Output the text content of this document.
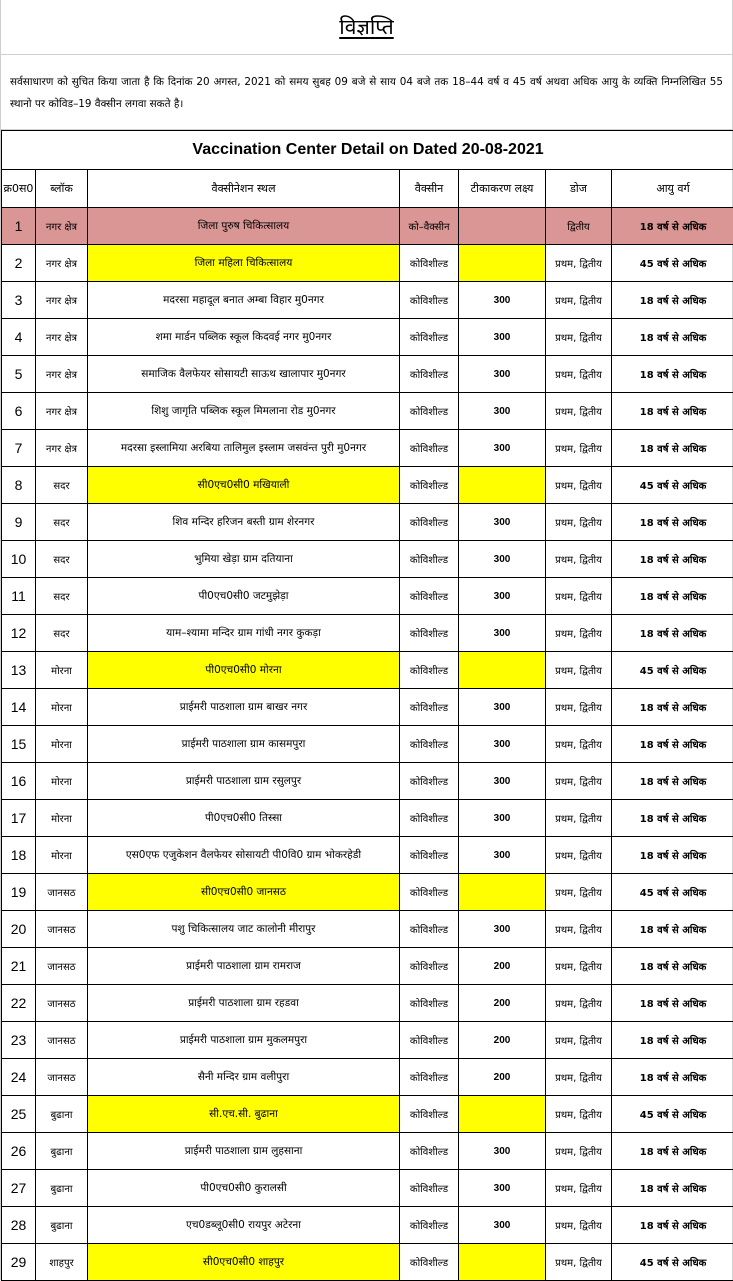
विज्ञप्ति
सर्वसाधारण को सुचित किया जाता है कि दिनांक 20 अगस्त, 2021 को समय सुबह 09 बजे से साय 04 बजे तक 18–44 वर्ष व 45 वर्ष अथवा अधिक आयु के व्यक्ति निम्नलिखित 55 स्थानो पर कोविड–19 वैक्सीन लगवा सकते है।
Vaccination Center Detail on Dated 20-08-2021						
क्र0स0	ब्लॉक	वैक्सीनेशन स्थल	वैक्सीन	टीकाकरण लक्ष्य	डोज	आयु वर्ग
1	नगर क्षेत्र	जिला पुरुष चिकित्सालय	को–वैक्सीन		द्वितीय	18 वर्ष से अधिक
2	नगर क्षेत्र	जिला महिला चिकित्सालय	कोविशील्ड		प्रथम, द्वितीय	45 वर्ष से अधिक
3	नगर क्षेत्र	मदरसा महादूल बनात अम्बा विहार मु0नगर	कोविशील्ड	300	प्रथम, द्वितीय	18 वर्ष से अधिक
4	नगर क्षेत्र	शमा मार्डन पब्लिक स्कूल किदवई नगर मु0नगर	कोविशील्ड	300	प्रथम, द्वितीय	18 वर्ष से अधिक
5	नगर क्षेत्र	समाजिक वैलफेयर सोसायटी साऊथ खालापार मु0नगर	कोविशील्ड	300	प्रथम, द्वितीय	18 वर्ष से अधिक
6	नगर क्षेत्र	शिशु जागृति पब्लिक स्कूल मिमलाना रोड मु0नगर	कोविशील्ड	300	प्रथम, द्वितीय	18 वर्ष से अधिक
7	नगर क्षेत्र	मदरसा इस्लामिया अरबिया तालिमुल इस्लाम जसवंन्त पुरी मु0नगर	कोविशील्ड	300	प्रथम, द्वितीय	18 वर्ष से अधिक
8	सदर	सी0एच0सी0 मखियाली	कोविशील्ड		प्रथम, द्वितीय	45 वर्ष से अधिक
9	सदर	शिव मन्दिर हरिजन बस्ती ग्राम शेरनगर	कोविशील्ड	300	प्रथम, द्वितीय	18 वर्ष से अधिक
10	सदर	भुमिया खेड़ा ग्राम दतियाना	कोविशील्ड	300	प्रथम, द्वितीय	18 वर्ष से अधिक
11	सदर	पी0एच0सी0 जटमुझेड़ा	कोविशील्ड	300	प्रथम, द्वितीय	18 वर्ष से अधिक
12	सदर	याम–श्यामा मन्दिर ग्राम गांधी नगर कुकड़ा	कोविशील्ड	300	प्रथम, द्वितीय	18 वर्ष से अधिक
13	मोरना	पी0एच0सी0 मोरना	कोविशील्ड		प्रथम, द्वितीय	45 वर्ष से अधिक
14	मोरना	प्राईमरी पाठशाला ग्राम बाखर नगर	कोविशील्ड	300	प्रथम, द्वितीय	18 वर्ष से अधिक
15	मोरना	प्राईमरी पाठशाला ग्राम कासमपुरा	कोविशील्ड	300	प्रथम, द्वितीय	18 वर्ष से अधिक
16	मोरना	प्राईमरी पाठशाला ग्राम रसुलपुर	कोविशील्ड	300	प्रथम, द्वितीय	18 वर्ष से अधिक
17	मोरना	पी0एच0सी0 तिस्सा	कोविशील्ड	300	प्रथम, द्वितीय	18 वर्ष से अधिक
18	मोरना	एस0एफ एजुकेशन वैलफेयर सोसायटी पी0वि0 ग्राम भोकरहेडी	कोविशील्ड	300	प्रथम, द्वितीय	18 वर्ष से अधिक
19	जानसठ	सी0एच0सी0 जानसठ	कोविशील्ड		प्रथम, द्वितीय	45 वर्ष से अधिक
20	जानसठ	पशु चिकित्सालय जाट कालोनी मीरापुर	कोविशील्ड	300	प्रथम, द्वितीय	18 वर्ष से अधिक
21	जानसठ	प्राईमरी पाठशाला ग्राम रामराज	कोविशील्ड	200	प्रथम, द्वितीय	18 वर्ष से अधिक
22	जानसठ	प्राईमरी पाठशाला ग्राम रहडवा	कोविशील्ड	200	प्रथम, द्वितीय	18 वर्ष से अधिक
23	जानसठ	प्राईमरी पाठशाला ग्राम मुकलमपुरा	कोविशील्ड	200	प्रथम, द्वितीय	18 वर्ष से अधिक
24	जानसठ	सैनी मन्दिर ग्राम वलीपुरा	कोविशील्ड	200	प्रथम, द्वितीय	18 वर्ष से अधिक
25	बुढाना	सी.एच.सी. बुढाना	कोविशील्ड		प्रथम, द्वितीय	45 वर्ष से अधिक
26	बुढाना	प्राईमरी पाठशाला ग्राम लुहसाना	कोविशील्ड	300	प्रथम, द्वितीय	18 वर्ष से अधिक
27	बुढाना	पी0एच0सी0 कुरालसी	कोविशील्ड	300	प्रथम, द्वितीय	18 वर्ष से अधिक
28	बुढाना	एच0डब्लू0सी0 रायपुर अटेरना	कोविशील्ड	300	प्रथम, द्वितीय	18 वर्ष से अधिक
29	शाहपुर	सी0एच0सी0 शाहपुर	कोविशील्ड		प्रथम, द्वितीय	45 वर्ष से अधिक
